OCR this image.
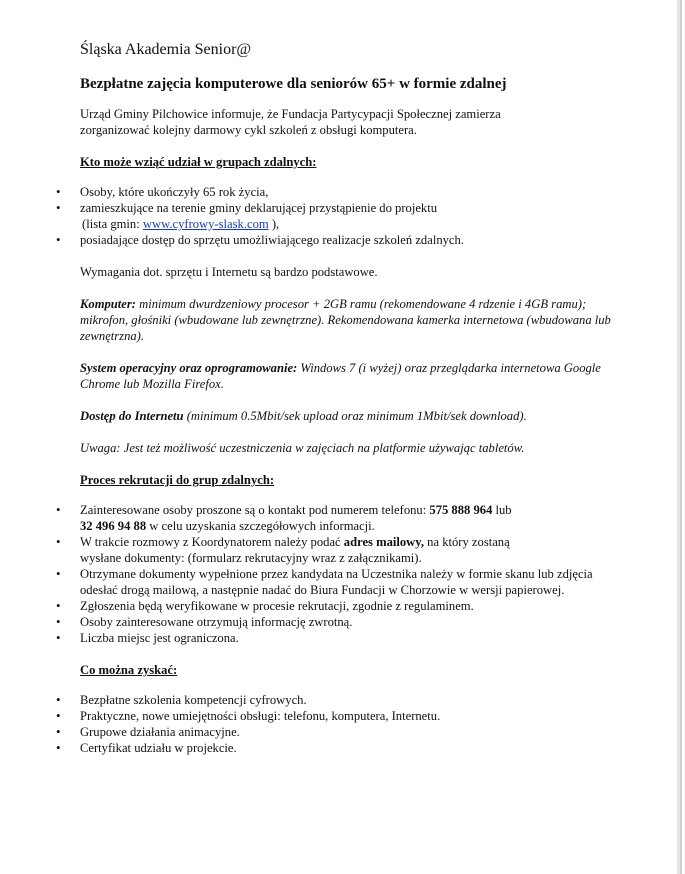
Śląska Akademia Senior@
Bezpłatne zajęcia komputerowe dla seniorów 65+ w formie zdalnej

Urząd Gminy Pilchowice informuje, że Fundacja Partycypacji Społecznej zamierza

zorganizować kolejny darmowy cykl szkoleń z obsługi komputera.

Kto może wziąć udział w grupach zdalnych:
• Osoby, które ukończyły 65 rok życia,
• zamieszkujące na terenie gminy deklarującej przystąpienie do projektu
(lista gmin: www.cyfrowy-slask.com ),
• posiadające dostęp do sprzętu umożliwiającego realizacje szkoleń zdalnych.

Wymagania dot. sprzętu i Internetu są bardzo podstawowe.

Komputer: minimum dwurdzeniowy procesor + 2GB ramu (rekomendowane 4 rdzenie i 4GB ramu); mikrofon, głośniki (wbudowane lub zewnętrzne). Rekomendowana kamerka internetowa (wbudowana lub zewnętrzna).

System operacyjny oraz oprogramowanie: Windows 7 (i wyżej) oraz przeglądarka internetowa Google Chrome lub Mozilla Firefox.

Dostęp do Internetu (minimum 0.5Mbit/sek upload oraz minimum 1Mbit/sek download).

Uwaga: Jest też możliwość uczestniczenia w zajęciach na platformie używając tabletów.

Proces rekrutacji do grup zdalnych:
• Zainteresowane osoby proszone są o kontakt pod numerem telefonu: 575 888 964 lub
32 496 94 88 w celu uzyskania szczegółowych informacji.
• W trakcie rozmowy z Koordynatorem należy podać adres mailowy, na który zostaną
wysłane dokumenty: (formularz rekrutacyjny wraz z załącznikami).
• Otrzymane dokumenty wypełnione przez kandydata na Uczestnika należy w formie skanu lub zdjęcia odesłać drogą mailową, a następnie nadać do Biura Fundacji w Chorzowie w wersji papierowej.
• Zgłoszenia będą weryfikowane w procesie rekrutacji, zgodnie z regulaminem.
• Osoby zainteresowane otrzymują informację zwrotną.
• Liczba miejsc jest ograniczona.
Co można zyskać:
• Bezpłatne szkolenia kompetencji cyfrowych.
• Praktyczne, nowe umiejętności obsługi: telefonu, komputera, Internetu.
• Grupowe działania animacyjne.
• Certyfikat udziału w projekcie.
